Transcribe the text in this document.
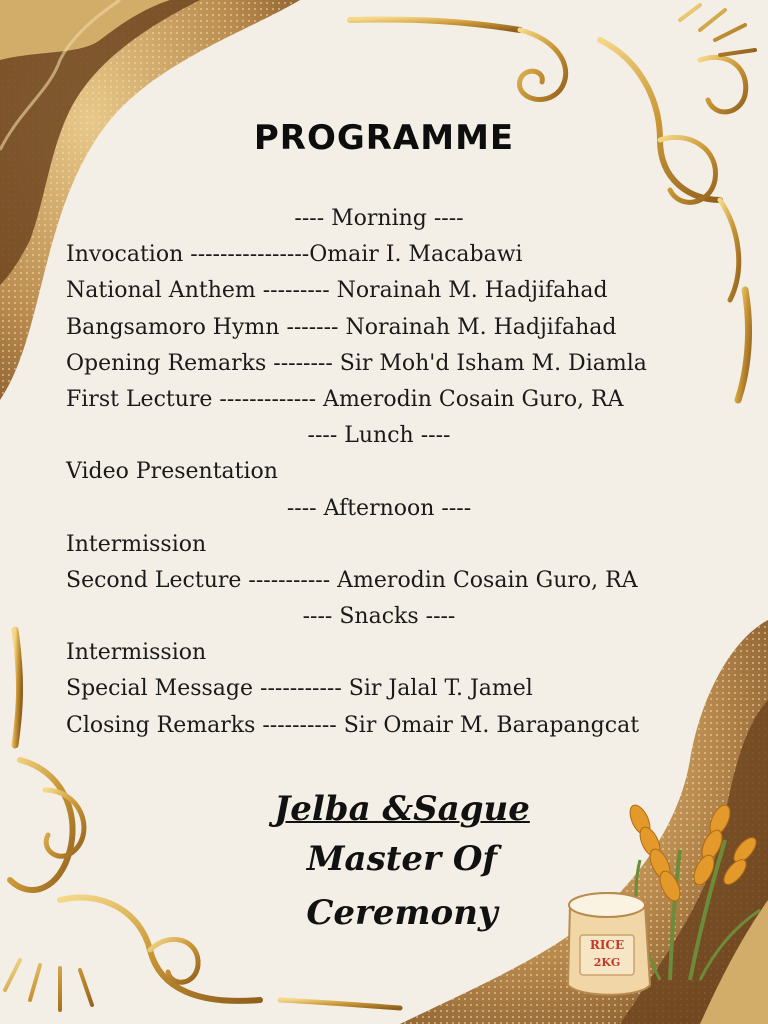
PROGRAMME
---- Morning ----
Invocation ----------------Omair I. Macabawi
National Anthem --------- Norainah M. Hadjifahad
Bangsamoro Hymn ------- Norainah M. Hadjifahad
Opening Remarks -------- Sir Moh'd Isham M. Diamla
First Lecture ------------- Amerodin Cosain Guro, RA
---- Lunch ----
Video Presentation
---- Afternoon ----
Intermission
Second Lecture ----------- Amerodin Cosain Guro, RA
---- Snacks ----
Intermission
Special Message ----------- Sir Jalal T. Jamel
Closing Remarks ---------- Sir Omair M. Barapangcat
RICE
2KG
Jelba &Sague
Master Of Ceremony
